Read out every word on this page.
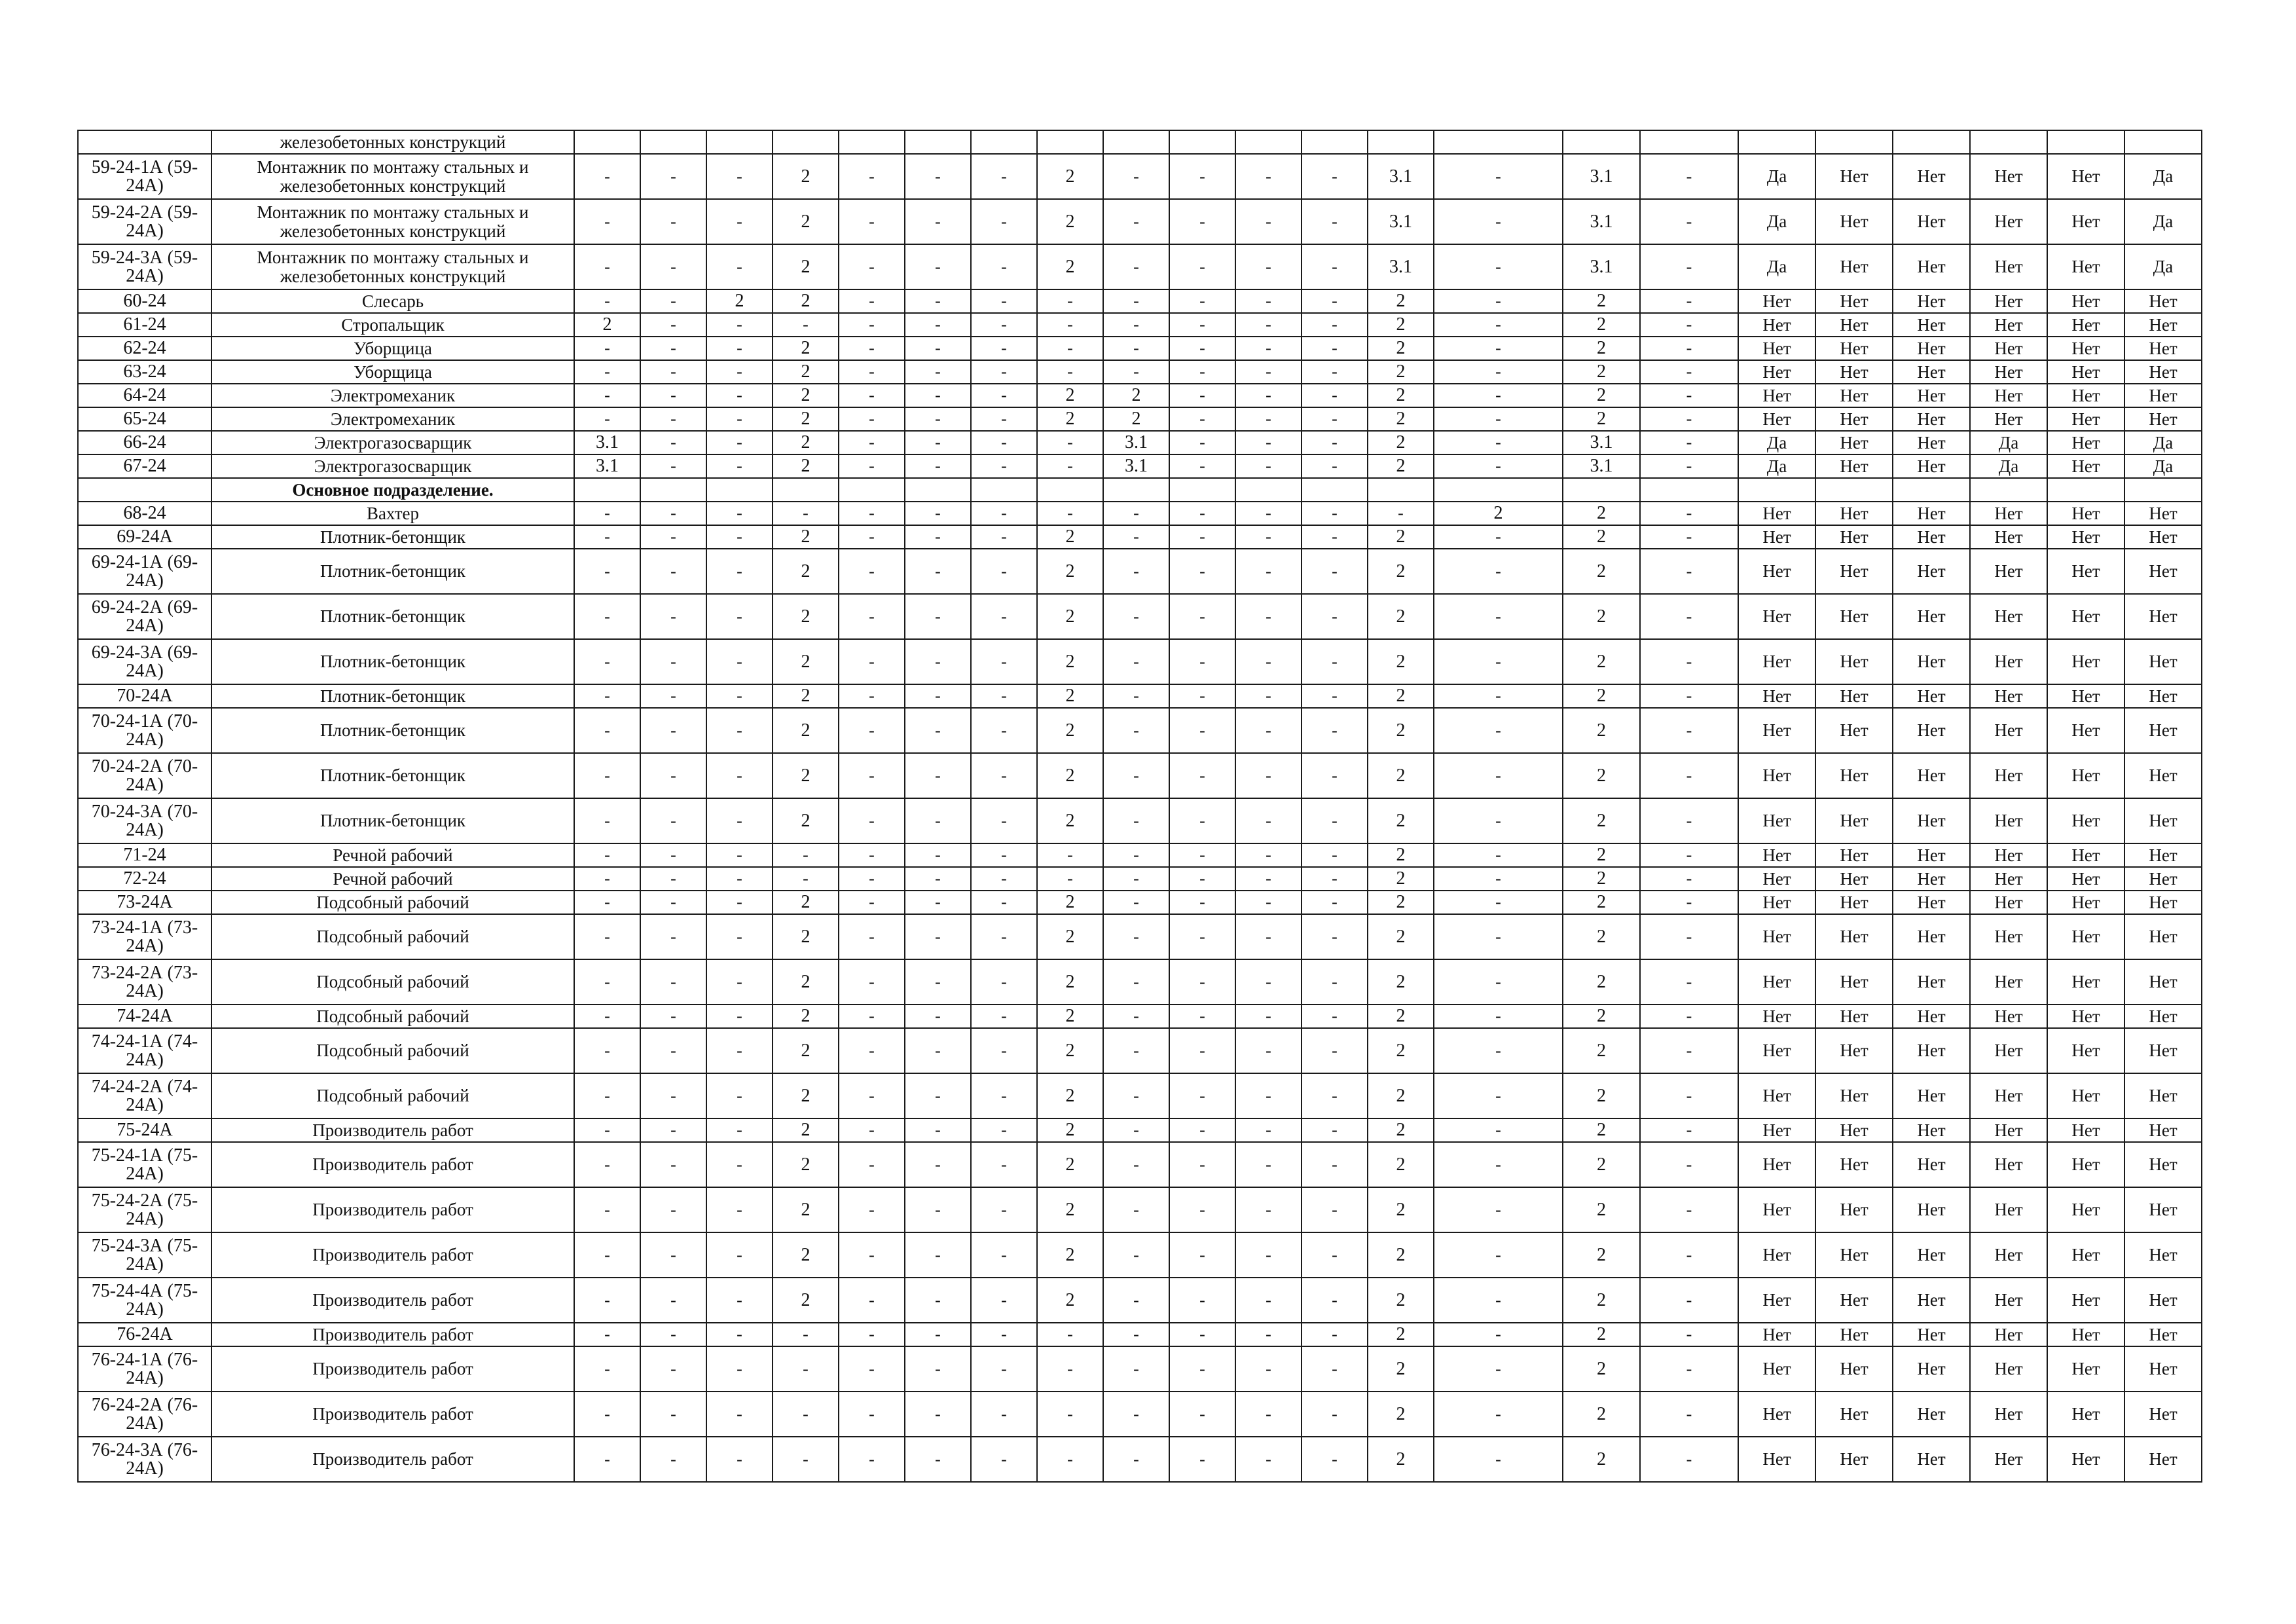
	железобетонных конструкций																						
59-24-1А (59-24А)	Монтажник по монтажу стальных и железобетонных конструкций	-	-	-	2	-	-	-	2	-	-	-	-	3.1	-	3.1	-	Да	Нет	Нет	Нет	Нет	Да
59-24-2А (59-24А)	Монтажник по монтажу стальных и железобетонных конструкций	-	-	-	2	-	-	-	2	-	-	-	-	3.1	-	3.1	-	Да	Нет	Нет	Нет	Нет	Да
59-24-3А (59-24А)	Монтажник по монтажу стальных и железобетонных конструкций	-	-	-	2	-	-	-	2	-	-	-	-	3.1	-	3.1	-	Да	Нет	Нет	Нет	Нет	Да
60-24	Слесарь	-	-	2	2	-	-	-	-	-	-	-	-	2	-	2	-	Нет	Нет	Нет	Нет	Нет	Нет
61-24	Стропальщик	2	-	-	-	-	-	-	-	-	-	-	-	2	-	2	-	Нет	Нет	Нет	Нет	Нет	Нет
62-24	Уборщица	-	-	-	2	-	-	-	-	-	-	-	-	2	-	2	-	Нет	Нет	Нет	Нет	Нет	Нет
63-24	Уборщица	-	-	-	2	-	-	-	-	-	-	-	-	2	-	2	-	Нет	Нет	Нет	Нет	Нет	Нет
64-24	Электромеханик	-	-	-	2	-	-	-	2	2	-	-	-	2	-	2	-	Нет	Нет	Нет	Нет	Нет	Нет
65-24	Электромеханик	-	-	-	2	-	-	-	2	2	-	-	-	2	-	2	-	Нет	Нет	Нет	Нет	Нет	Нет
66-24	Электрогазосварщик	3.1	-	-	2	-	-	-	-	3.1	-	-	-	2	-	3.1	-	Да	Нет	Нет	Да	Нет	Да
67-24	Электрогазосварщик	3.1	-	-	2	-	-	-	-	3.1	-	-	-	2	-	3.1	-	Да	Нет	Нет	Да	Нет	Да
	Основное подразделение.																						
68-24	Вахтер	-	-	-	-	-	-	-	-	-	-	-	-	-	2	2	-	Нет	Нет	Нет	Нет	Нет	Нет
69-24А	Плотник-бетонщик	-	-	-	2	-	-	-	2	-	-	-	-	2	-	2	-	Нет	Нет	Нет	Нет	Нет	Нет
69-24-1А (69-24А)	Плотник-бетонщик	-	-	-	2	-	-	-	2	-	-	-	-	2	-	2	-	Нет	Нет	Нет	Нет	Нет	Нет
69-24-2А (69-24А)	Плотник-бетонщик	-	-	-	2	-	-	-	2	-	-	-	-	2	-	2	-	Нет	Нет	Нет	Нет	Нет	Нет
69-24-3А (69-24А)	Плотник-бетонщик	-	-	-	2	-	-	-	2	-	-	-	-	2	-	2	-	Нет	Нет	Нет	Нет	Нет	Нет
70-24А	Плотник-бетонщик	-	-	-	2	-	-	-	2	-	-	-	-	2	-	2	-	Нет	Нет	Нет	Нет	Нет	Нет
70-24-1А (70-24А)	Плотник-бетонщик	-	-	-	2	-	-	-	2	-	-	-	-	2	-	2	-	Нет	Нет	Нет	Нет	Нет	Нет
70-24-2А (70-24А)	Плотник-бетонщик	-	-	-	2	-	-	-	2	-	-	-	-	2	-	2	-	Нет	Нет	Нет	Нет	Нет	Нет
70-24-3А (70-24А)	Плотник-бетонщик	-	-	-	2	-	-	-	2	-	-	-	-	2	-	2	-	Нет	Нет	Нет	Нет	Нет	Нет
71-24	Речной рабочий	-	-	-	-	-	-	-	-	-	-	-	-	2	-	2	-	Нет	Нет	Нет	Нет	Нет	Нет
72-24	Речной рабочий	-	-	-	-	-	-	-	-	-	-	-	-	2	-	2	-	Нет	Нет	Нет	Нет	Нет	Нет
73-24А	Подсобный рабочий	-	-	-	2	-	-	-	2	-	-	-	-	2	-	2	-	Нет	Нет	Нет	Нет	Нет	Нет
73-24-1А (73-24А)	Подсобный рабочий	-	-	-	2	-	-	-	2	-	-	-	-	2	-	2	-	Нет	Нет	Нет	Нет	Нет	Нет
73-24-2А (73-24А)	Подсобный рабочий	-	-	-	2	-	-	-	2	-	-	-	-	2	-	2	-	Нет	Нет	Нет	Нет	Нет	Нет
74-24А	Подсобный рабочий	-	-	-	2	-	-	-	2	-	-	-	-	2	-	2	-	Нет	Нет	Нет	Нет	Нет	Нет
74-24-1А (74-24А)	Подсобный рабочий	-	-	-	2	-	-	-	2	-	-	-	-	2	-	2	-	Нет	Нет	Нет	Нет	Нет	Нет
74-24-2А (74-24А)	Подсобный рабочий	-	-	-	2	-	-	-	2	-	-	-	-	2	-	2	-	Нет	Нет	Нет	Нет	Нет	Нет
75-24А	Производитель работ	-	-	-	2	-	-	-	2	-	-	-	-	2	-	2	-	Нет	Нет	Нет	Нет	Нет	Нет
75-24-1А (75-24А)	Производитель работ	-	-	-	2	-	-	-	2	-	-	-	-	2	-	2	-	Нет	Нет	Нет	Нет	Нет	Нет
75-24-2А (75-24А)	Производитель работ	-	-	-	2	-	-	-	2	-	-	-	-	2	-	2	-	Нет	Нет	Нет	Нет	Нет	Нет
75-24-3А (75-24А)	Производитель работ	-	-	-	2	-	-	-	2	-	-	-	-	2	-	2	-	Нет	Нет	Нет	Нет	Нет	Нет
75-24-4А (75-24А)	Производитель работ	-	-	-	2	-	-	-	2	-	-	-	-	2	-	2	-	Нет	Нет	Нет	Нет	Нет	Нет
76-24А	Производитель работ	-	-	-	-	-	-	-	-	-	-	-	-	2	-	2	-	Нет	Нет	Нет	Нет	Нет	Нет
76-24-1А (76-24А)	Производитель работ	-	-	-	-	-	-	-	-	-	-	-	-	2	-	2	-	Нет	Нет	Нет	Нет	Нет	Нет
76-24-2А (76-24А)	Производитель работ	-	-	-	-	-	-	-	-	-	-	-	-	2	-	2	-	Нет	Нет	Нет	Нет	Нет	Нет
76-24-3А (76-24А)	Производитель работ	-	-	-	-	-	-	-	-	-	-	-	-	2	-	2	-	Нет	Нет	Нет	Нет	Нет	Нет
